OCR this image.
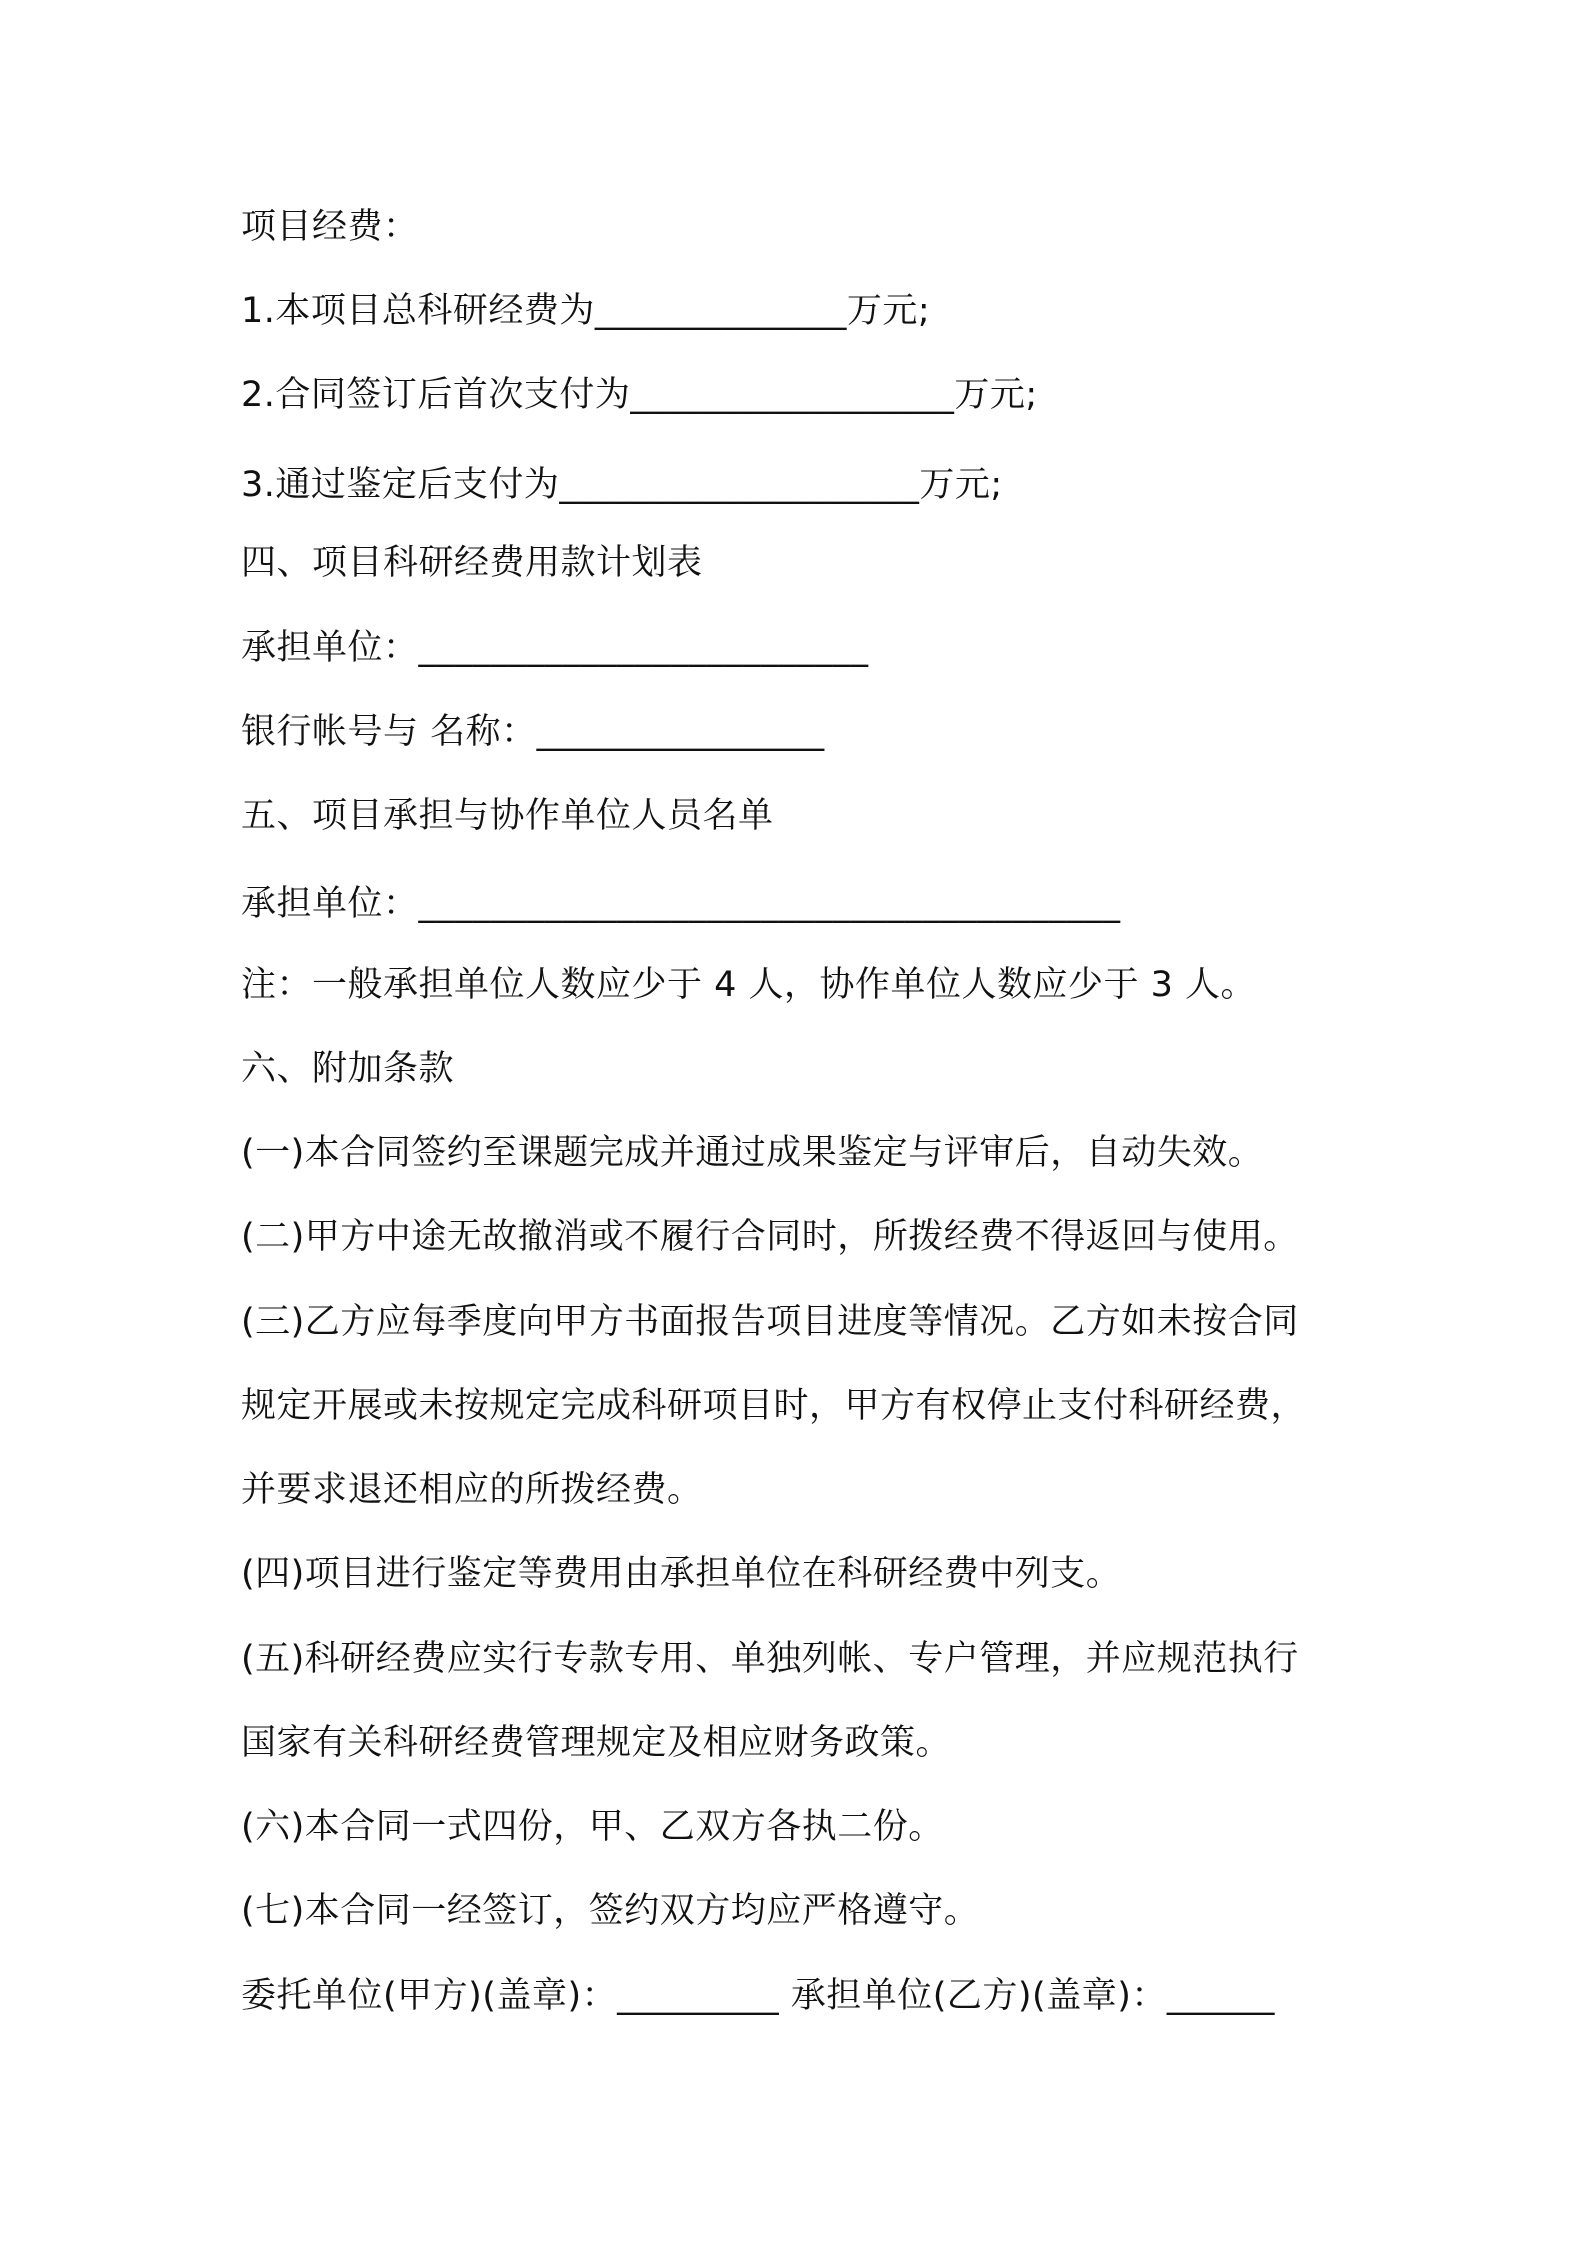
项目经费：
1.本项目总科研经费为______________万元;
2.合同签订后首次支付为__________________万元;
3.通过鉴定后支付为____________________万元;
四、项目科研经费用款计划表
承担单位：_________________________
银行帐号与 名称：________________
五、项目承担与协作单位人员名单
承担单位：_______________________________________
注：一般承担单位人数应少于 4 人，协作单位人数应少于 3 人。
六、附加条款
(一)本合同签约至课题完成并通过成果鉴定与评审后，自动失效。
(二)甲方中途无故撤消或不履行合同时，所拨经费不得返回与使用。
(三)乙方应每季度向甲方书面报告项目进度等情况。乙方如未按合同
规定开展或未按规定完成科研项目时，甲方有权停止支付科研经费，
并要求退还相应的所拨经费。
(四)项目进行鉴定等费用由承担单位在科研经费中列支。
(五)科研经费应实行专款专用、单独列帐、专户管理，并应规范执行
国家有关科研经费管理规定及相应财务政策。
(六)本合同一式四份，甲、乙双方各执二份。
(七)本合同一经签订，签约双方均应严格遵守。
委托单位(甲方)(盖章)：_________ 承担单位(乙方)(盖章)：______
